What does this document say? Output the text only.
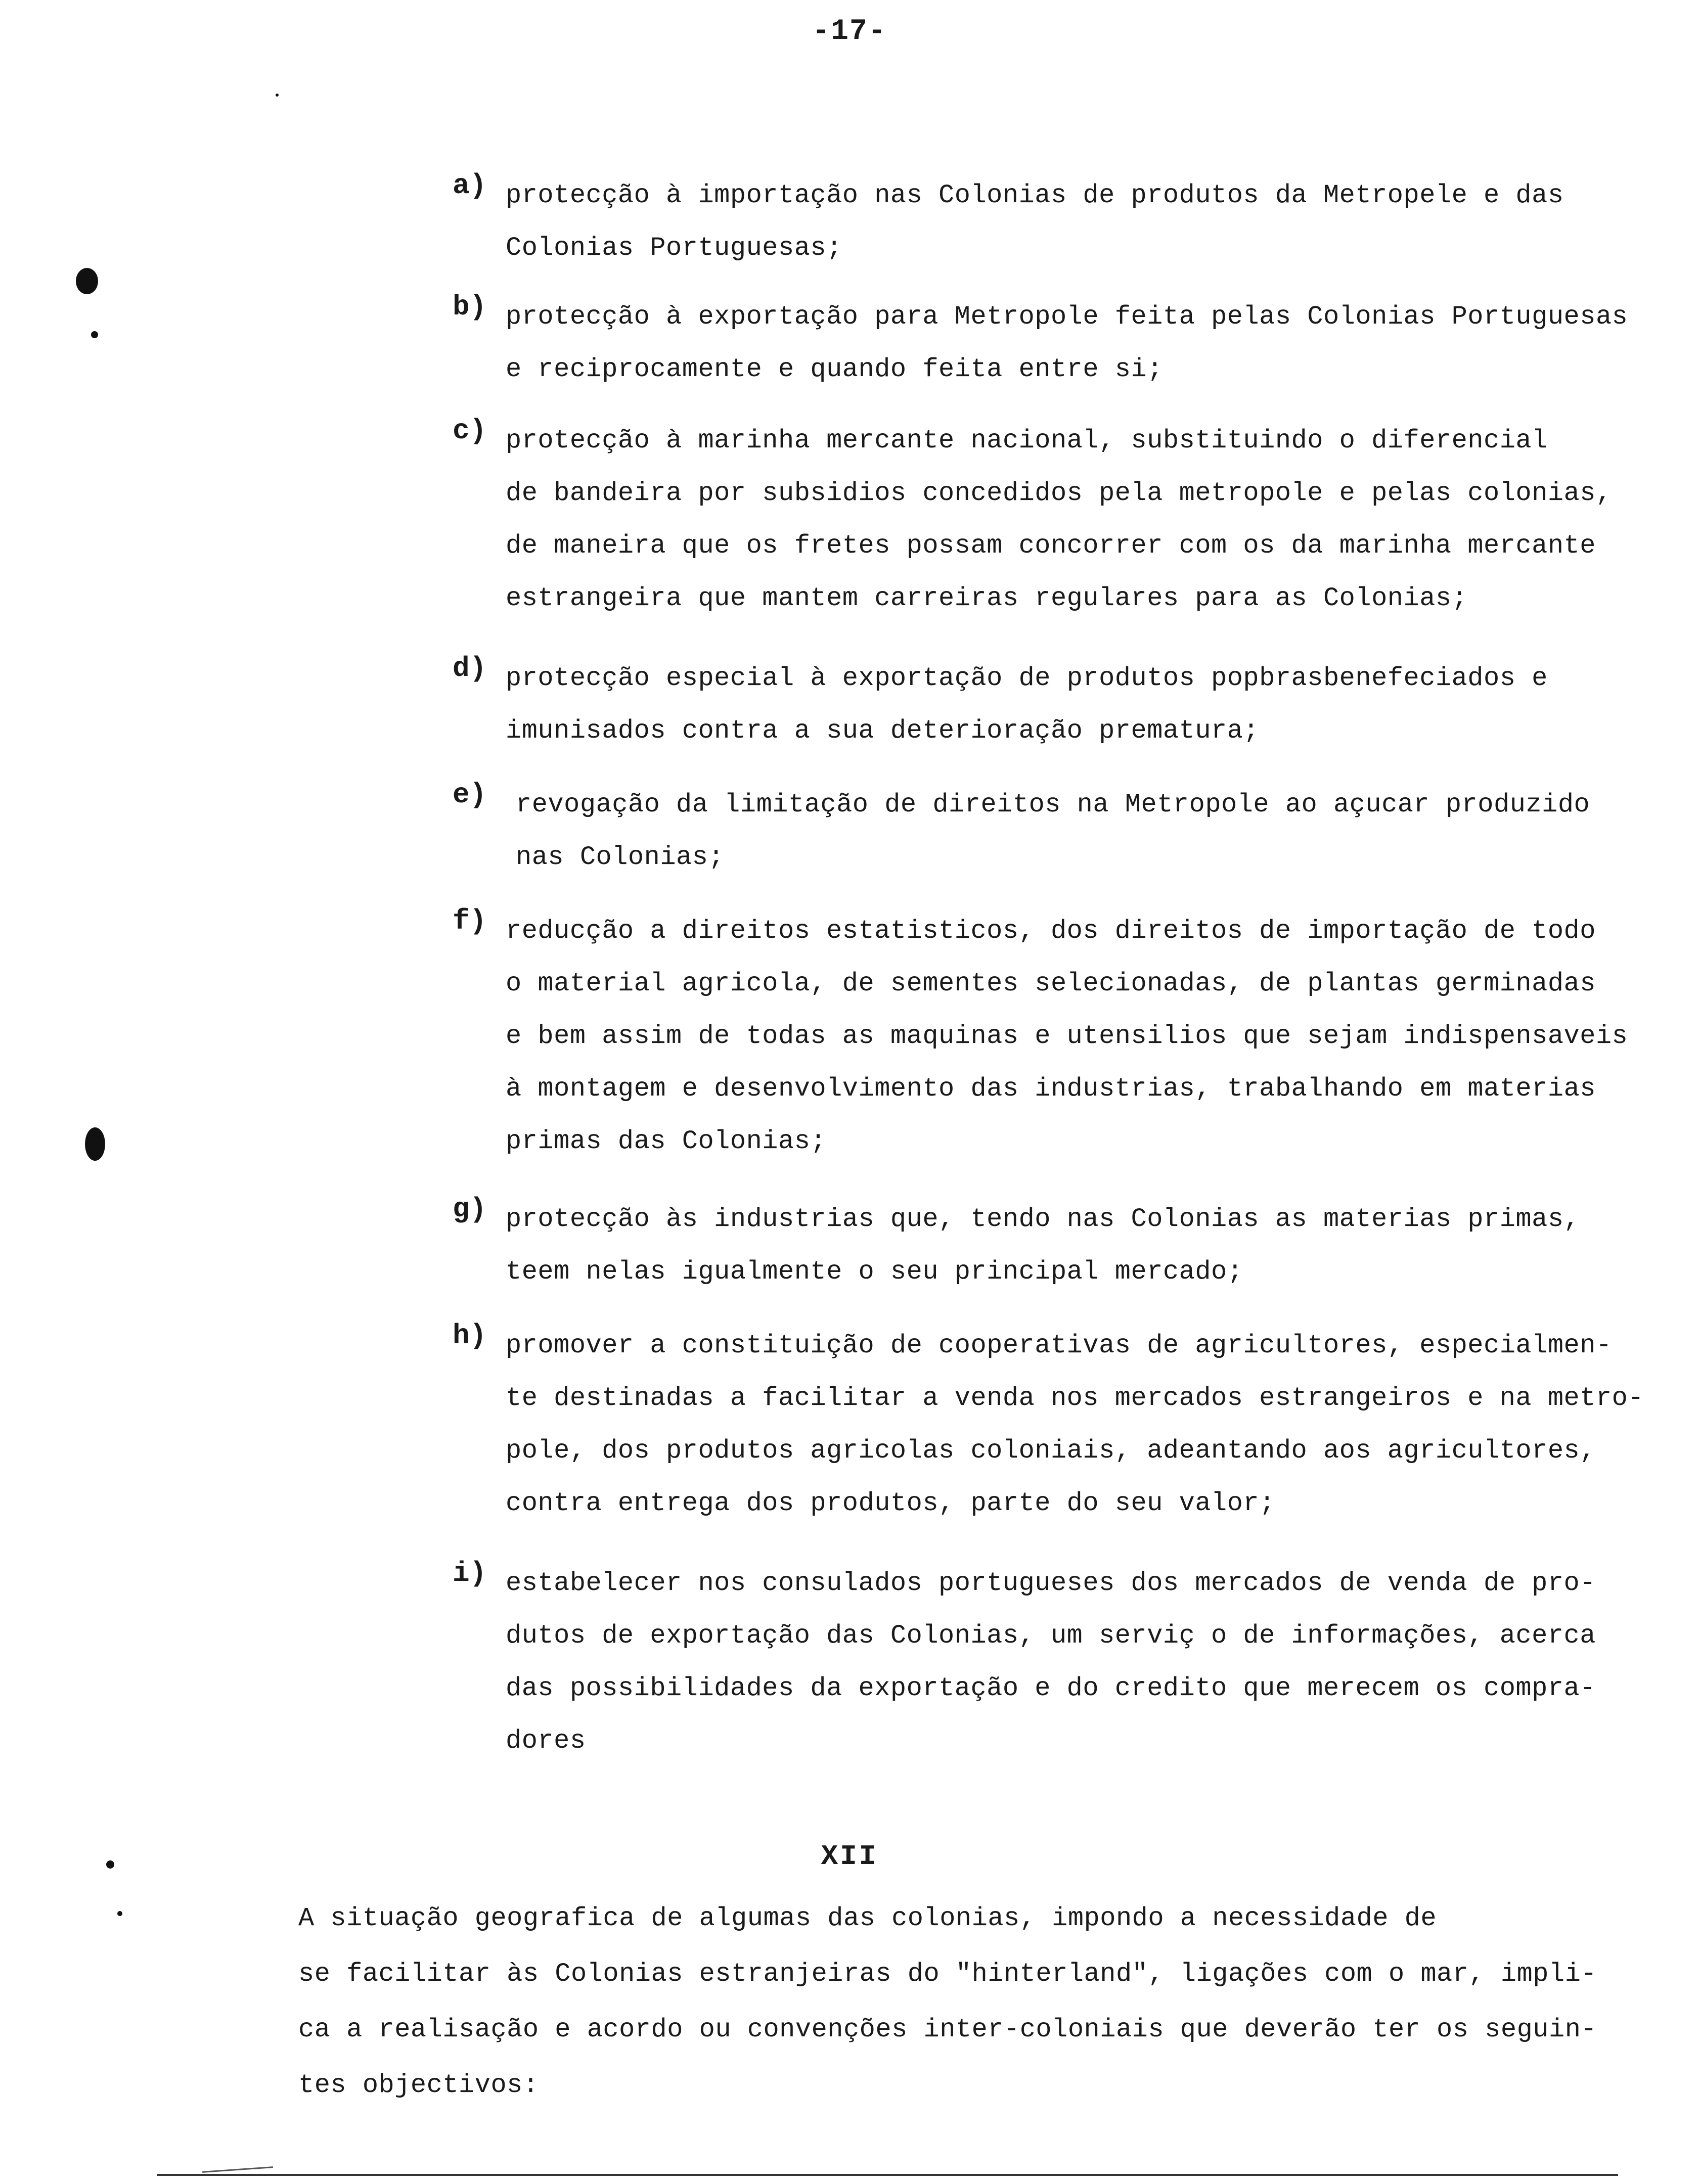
-17-
a) protecção à importação nas Colonias de produtos da Metropele e das
Colonias Portuguesas;
b) protecção à exportação para Metropole feita pelas Colonias Portuguesas
e reciprocamente e quando feita entre si;
c) protecção à marinha mercante nacional, substituindo o diferencial
de bandeira por subsidios concedidos pela metropole e pelas colonias,
de maneira que os fretes possam concorrer com os da marinha mercante
estrangeira que mantem carreiras regulares para as Colonias;
d) protecção especial à exportação de produtos popbrasbenefeciados e
imunisados contra a sua deterioração prematura;
e) revogação da limitação de direitos na Metropole ao açucar produzido
nas Colonias;
f) reducção a direitos estatisticos, dos direitos de importação de todo
o material agricola, de sementes selecionadas, de plantas germinadas
e bem assim de todas as maquinas e utensilios que sejam indispensaveis
à montagem e desenvolvimento das industrias, trabalhando em materias
primas das Colonias;
g) protecção às industrias que, tendo nas Colonias as materias primas,
teem nelas igualmente o seu principal mercado;
h) promover a constituição de cooperativas de agricultores, especialmen-
te destinadas a facilitar a venda nos mercados estrangeiros e na metro-
pole, dos produtos agricolas coloniais, adeantando aos agricultores,
contra entrega dos produtos, parte do seu valor;
i) estabelecer nos consulados portugueses dos mercados de venda de pro-
dutos de exportação das Colonias, um serviç o de informações, acerca
das possibilidades da exportação e do credito que merecem os compra-
dores
XII
A situação geografica de algumas das colonias, impondo a necessidade de
se facilitar às Colonias estranjeiras do "hinterland", ligações com o mar, impli-
ca a realisação e acordo ou convenções inter-coloniais que deverão ter os seguin-
tes objectivos:
